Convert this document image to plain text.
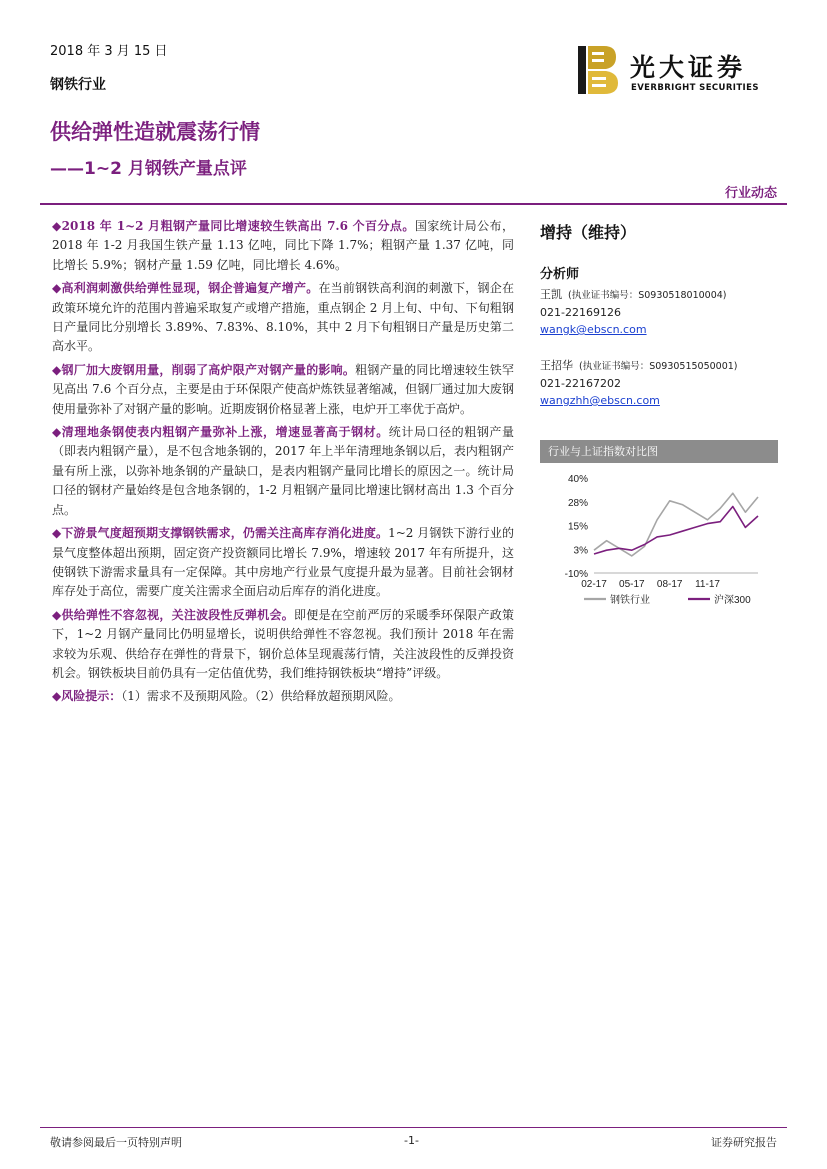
2018 年 3 月 15 日
钢铁行业
光大证券
EVERBRIGHT SECURITIES
供给弹性造就震荡行情
——1~2 月钢铁产量点评
行业动态

◆2018 年 1~2 月粗钢产量同比增速较生铁高出 7.6 个百分点。国家统计局公布，2018 年 1-2 月我国生铁产量 1.13 亿吨，同比下降 1.7%；粗钢产量 1.37 亿吨，同比增长 5.9%；钢材产量 1.59 亿吨，同比增长 4.6%。

◆高利润刺激供给弹性显现，钢企普遍复产增产。在当前钢铁高利润的刺激下，钢企在政策环境允许的范围内普遍采取复产或增产措施，重点钢企 2 月上旬、中旬、下旬粗钢日产量同比分别增长 3.89%、7.83%、8.10%，其中 2 月下旬粗钢日产量是历史第二高水平。

◆钢厂加大废钢用量，削弱了高炉限产对钢产量的影响。粗钢产量的同比增速较生铁罕见高出 7.6 个百分点，主要是由于环保限产使高炉炼铁显著缩减，但钢厂通过加大废钢使用量弥补了对钢产量的影响。近期废钢价格显著上涨，电炉开工率优于高炉。

◆清理地条钢使表内粗钢产量弥补上涨，增速显著高于钢材。统计局口径的粗钢产量（即表内粗钢产量），是不包含地条钢的，2017 年上半年清理地条钢以后，表内粗钢产量有所上涨，以弥补地条钢的产量缺口，是表内粗钢产量同比增长的原因之一。统计局口径的钢材产量始终是包含地条钢的，1-2 月粗钢产量同比增速比钢材高出 1.3 个百分点。

◆下游景气度超预期支撑钢铁需求，仍需关注高库存消化进度。1~2 月钢铁下游行业的景气度整体超出预期，固定资产投资额同比增长 7.9%，增速较 2017 年有所提升，这使钢铁下游需求量具有一定保障。其中房地产行业景气度提升最为显著。目前社会钢材库存处于高位，需要广度关注需求全面启动后库存的消化进度。

◆供给弹性不容忽视，关注波段性反弹机会。即便是在空前严厉的采暖季环保限产政策下，1~2 月钢产量同比仍明显增长，说明供给弹性不容忽视。我们预计 2018 年在需求较为乐观、供给存在弹性的背景下，钢价总体呈现震荡行情，关注波段性的反弹投资机会。钢铁板块目前仍具有一定估值优势，我们维持钢铁板块“增持”评级。

◆风险提示：（1）需求不及预期风险。（2）供给释放超预期风险。

增持（维持）
分析师
王凯 (执业证书编号：S0930518010004)
021-22169126
wangk@ebscn.com
王招华 (执业证书编号：S0930515050001)
021-22167202
wangzhh@ebscn.com
行业与上证指数对比图
40%
28%
15%
3%
-10%
02-17 05-17 08-17 11-17
钢铁行业	沪深300
敬请参阅最后一页特别声明	-1-	证券研究报告
